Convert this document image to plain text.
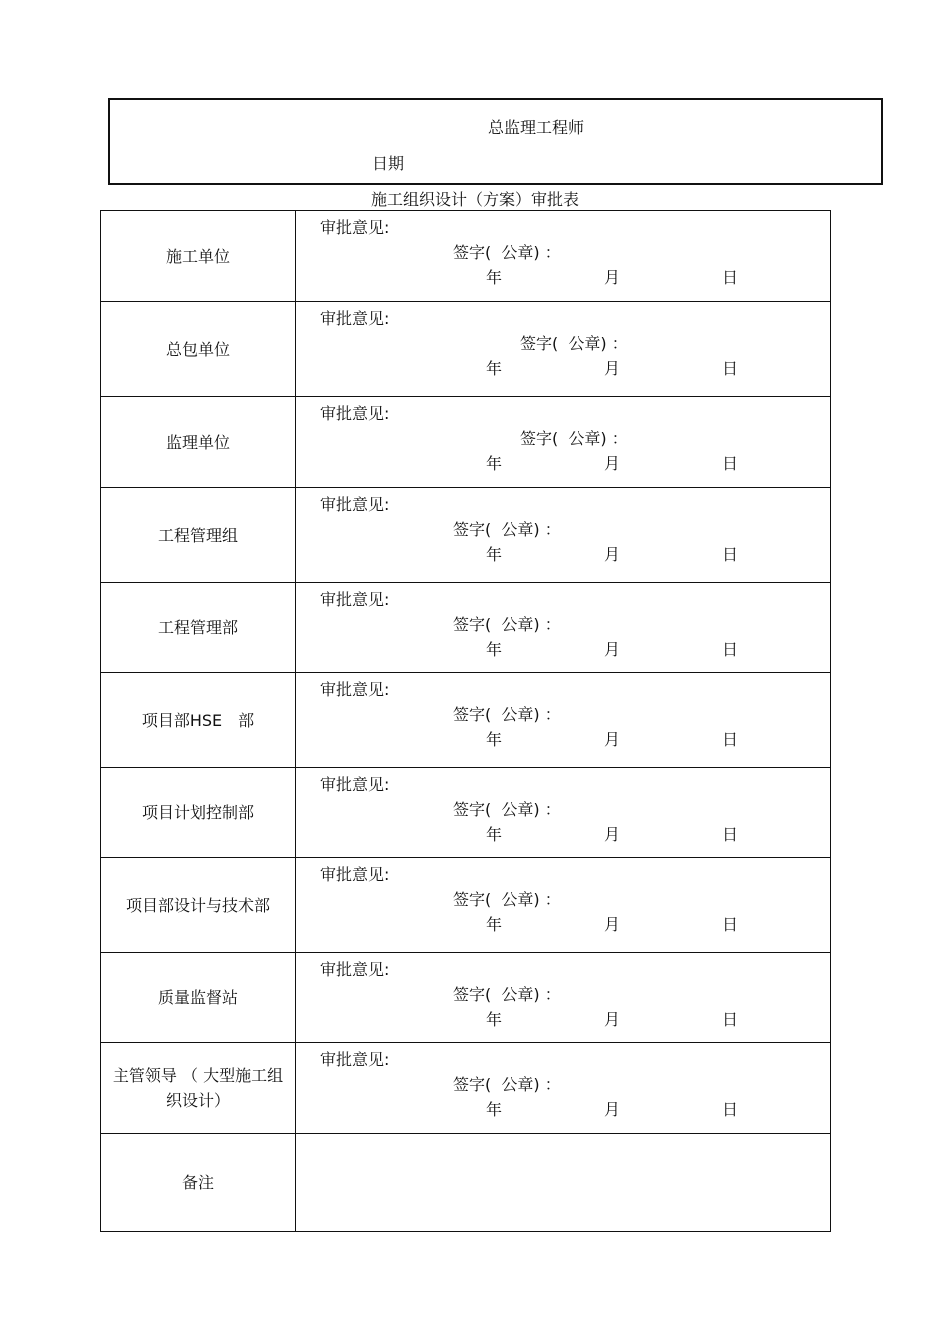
总监理工程师
日期
施工组织设计（方案）审批表
施工单位	审批意见:
签字(  公章) ：
年 月 日

总包单位	审批意见:
签字(  公章) ：
年 月 日

监理单位	审批意见:
签字(  公章) ：
年 月 日

工程管理组	审批意见:
签字(  公章) ：
年 月 日

工程管理部	审批意见:
签字(  公章) ：
年 月 日

项目部HSE　部	审批意见:
签字(  公章) ：
年 月 日

项目计划控制部	审批意见:
签字(  公章) ：
年 月 日

项目部设计与技术部	审批意见:
签字(  公章) ：
年 月 日

质量监督站	审批意见:
签字(  公章) ：
年 月 日

主管领导 （ 大型施工组织设计）	审批意见:
签字(  公章) ：
年 月 日

备注	
